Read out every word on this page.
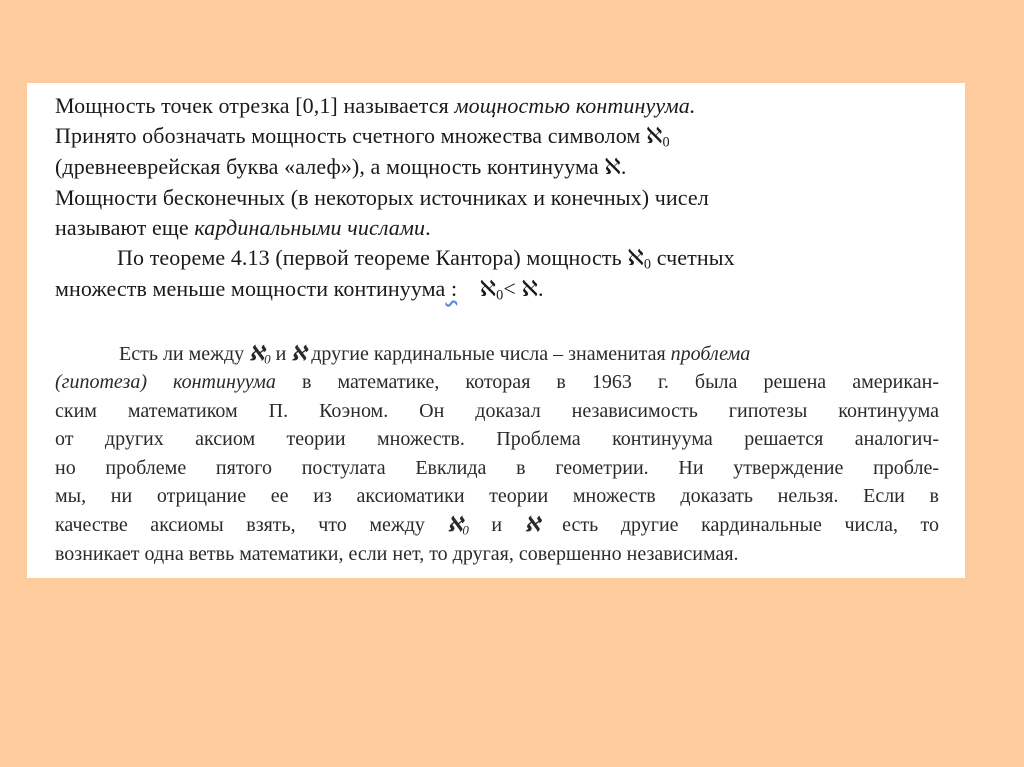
Мощность точек отрезка [0,1] называется мощностью континуума.
Принято обозначать мощность счетного множества символом ℵ$_0$
(древнееврейская буква «алеф»), а мощность континуума ℵ.
Мощности бесконечных (в некоторых источниках и конечных) чисел
называют еще кардинальными числами.
По теореме 4.13 (первой теореме Кантора) мощность ℵ$_0$ счетных
множеств меньше мощности континуума : ℵ$_0$< ℵ.
Есть ли между ℵ$_0$ и ℵ другие кардинальные числа – знаменитая проблема
(гипотеза) континуума в математике, которая в 1963 г. была решена американ-
ским математиком П. Коэном. Он доказал независимость гипотезы континуума
от других аксиом теории множеств. Проблема континуума решается аналогич-
но проблеме пятого постулата Евклида в геометрии. Ни утверждение пробле-
мы, ни отрицание ее из аксиоматики теории множеств доказать нельзя. Если в
качестве аксиомы взять, что между ℵ$_0$ и ℵ есть другие кардинальные числа, то
возникает одна ветвь математики, если нет, то другая, совершенно независимая.
